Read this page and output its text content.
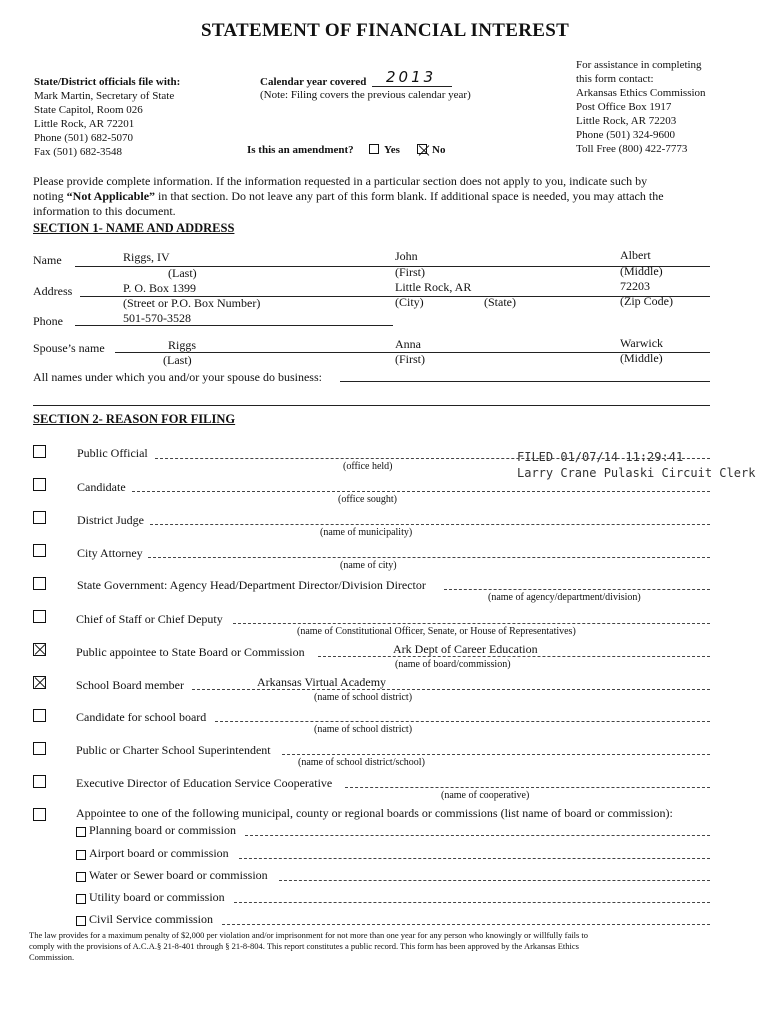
STATEMENT OF FINANCIAL INTEREST
State/District officials file with:
Mark Martin, Secretary of State
State Capitol, Room 026
Little Rock, AR 72201
Phone (501) 682-5070
Fax (501) 682-3548
Calendar year covered 2013
(Note: Filing covers the previous calendar year)
Is this an amendment?	Yes	No
For assistance in completing
this form contact:
Arkansas Ethics Commission
Post Office Box 1917
Little Rock, AR 72203
Phone (501) 324-9600
Toll Free (800) 422-7773
Please provide complete information. If the information requested in a particular section does not apply to you, indicate such by
noting “Not Applicable” in that section. Do not leave any part of this form blank. If additional space is needed, you may attach the
information to this document.
SECTION 1- NAME AND ADDRESS
Name	Riggs, IV	John	Albert
(Last)	(First)	(Middle)
Address	P. O. Box 1399	Little Rock, AR	72203
(Street or P.O. Box Number)	(City)	(State)	(Zip Code)
Phone	501-570-3528
Spouse’s name	Riggs	Anna	Warwick
(Last)	(First)	(Middle)
All names under which you and/or your spouse do business:
SECTION 2- REASON FOR FILING
FILED 01/07/14 11:29:41
Larry Crane Pulaski Circuit Clerk
Public Official
(office held)
Candidate
(office sought)
District Judge
(name of municipality)
City Attorney
(name of city)
State Government: Agency Head/Department Director/Division Director
(name of agency/department/division)
Chief of Staff or Chief Deputy
(name of Constitutional Officer, Senate, or House of Representatives)
Public appointee to State Board or Commission	Ark Dept of Career Education
(name of board/commission)
School Board member	Arkansas Virtual Academy
(name of school district)
Candidate for school board
(name of school district)
Public or Charter School Superintendent
(name of school district/school)
Executive Director of Education Service Cooperative
(name of cooperative)
Appointee to one of the following municipal, county or regional boards or commissions (list name of board or commission):
Planning board or commission
Airport board or commission
Water or Sewer board or commission
Utility board or commission
Civil Service commission
The law provides for a maximum penalty of $2,000 per violation and/or imprisonment for not more than one year for any person who knowingly or willfully fails to
comply with the provisions of A.C.A.§ 21-8-401 through § 21-8-804. This report constitutes a public record. This form has been approved by the Arkansas Ethics
Commission.
